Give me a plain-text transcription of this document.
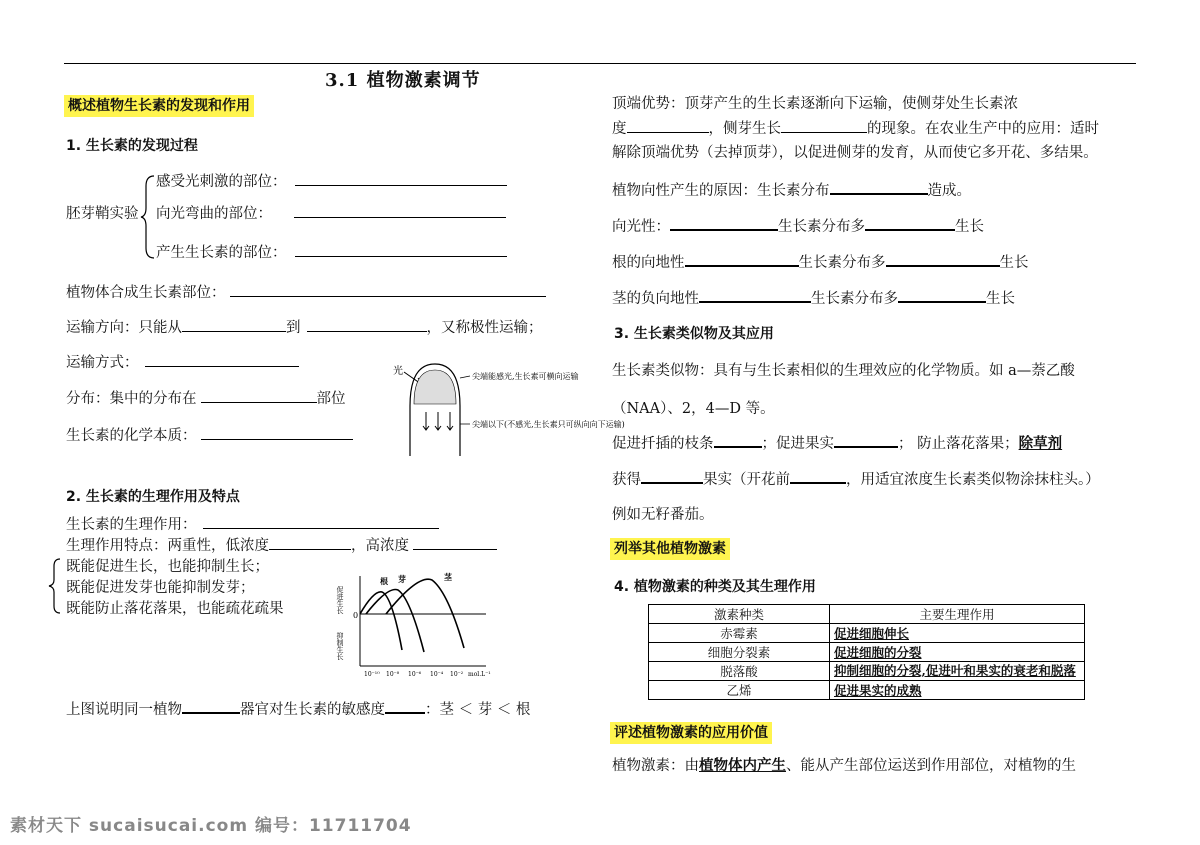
3.1 植物激素调节
概述植物生长素的发现和作用
1. 生长素的发现过程
胚芽鞘实验
感受光刺激的部位：
向光弯曲的部位：
产生生长素的部位：
植物体合成生长素部位：
运输方向：只能从	到	，又称极性运输；
运输方式：
分布：集中的分布在	部位
生长素的化学本质：
光	尖端能感光,生长素可横向运输
尖端以下(不感光,生长素只可纵向向下运输)
2. 生长素的生理作用及特点
生长素的生理作用：
生理作用特点：两重性，低浓度	，高浓度
既能促进生长，也能抑制生长；
既能促进发芽也能抑制发芽；
既能防止落花落果，也能疏花疏果	促进生长
抑制生长
0
根 芽	茎
10⁻¹⁰ 10⁻⁸ 10⁻⁶ 10⁻⁴ 10⁻² mol.L⁻¹
上图说明同一植物	器官对生长素的敏感度	：茎 ＜ 芽 ＜ 根
顶端优势：顶芽产生的生长素逐渐向下运输，使侧芽处生长素浓
度	，侧芽生长	的现象。在农业生产中的应用：适时
解除顶端优势（去掉顶芽），以促进侧芽的发育，从而使它多开花、多结果。
植物向性产生的原因：生长素分布	造成。
向光性：	生长素分布多	生长
根的向地性	生长素分布多	生长
茎的负向地性	生长素分布多	生长
3. 生长素类似物及其应用
生长素类似物：具有与生长素相似的生理效应的化学物质。如 a—萘乙酸
（NAA）、2，4—D 等。
促进扦插的枝条	；促进果实	； 防止落花落果；除草剂
获得	果实（开花前	，用适宜浓度生长素类似物涂抹柱头。）
例如无籽番茄。
列举其他植物激素
4. 植物激素的种类及其生理作用
激素种类	主要生理作用
赤霉素	促进细胞伸长
细胞分裂素	促进细胞的分裂
脱落酸	抑制细胞的分裂,促进叶和果实的衰老和脱落
乙烯	促进果实的成熟
评述植物激素的应用价值
植物激素：由植物体内产生、能从产生部位运送到作用部位，对植物的生
素材天下 sucaisucai.com 编号：11711704
